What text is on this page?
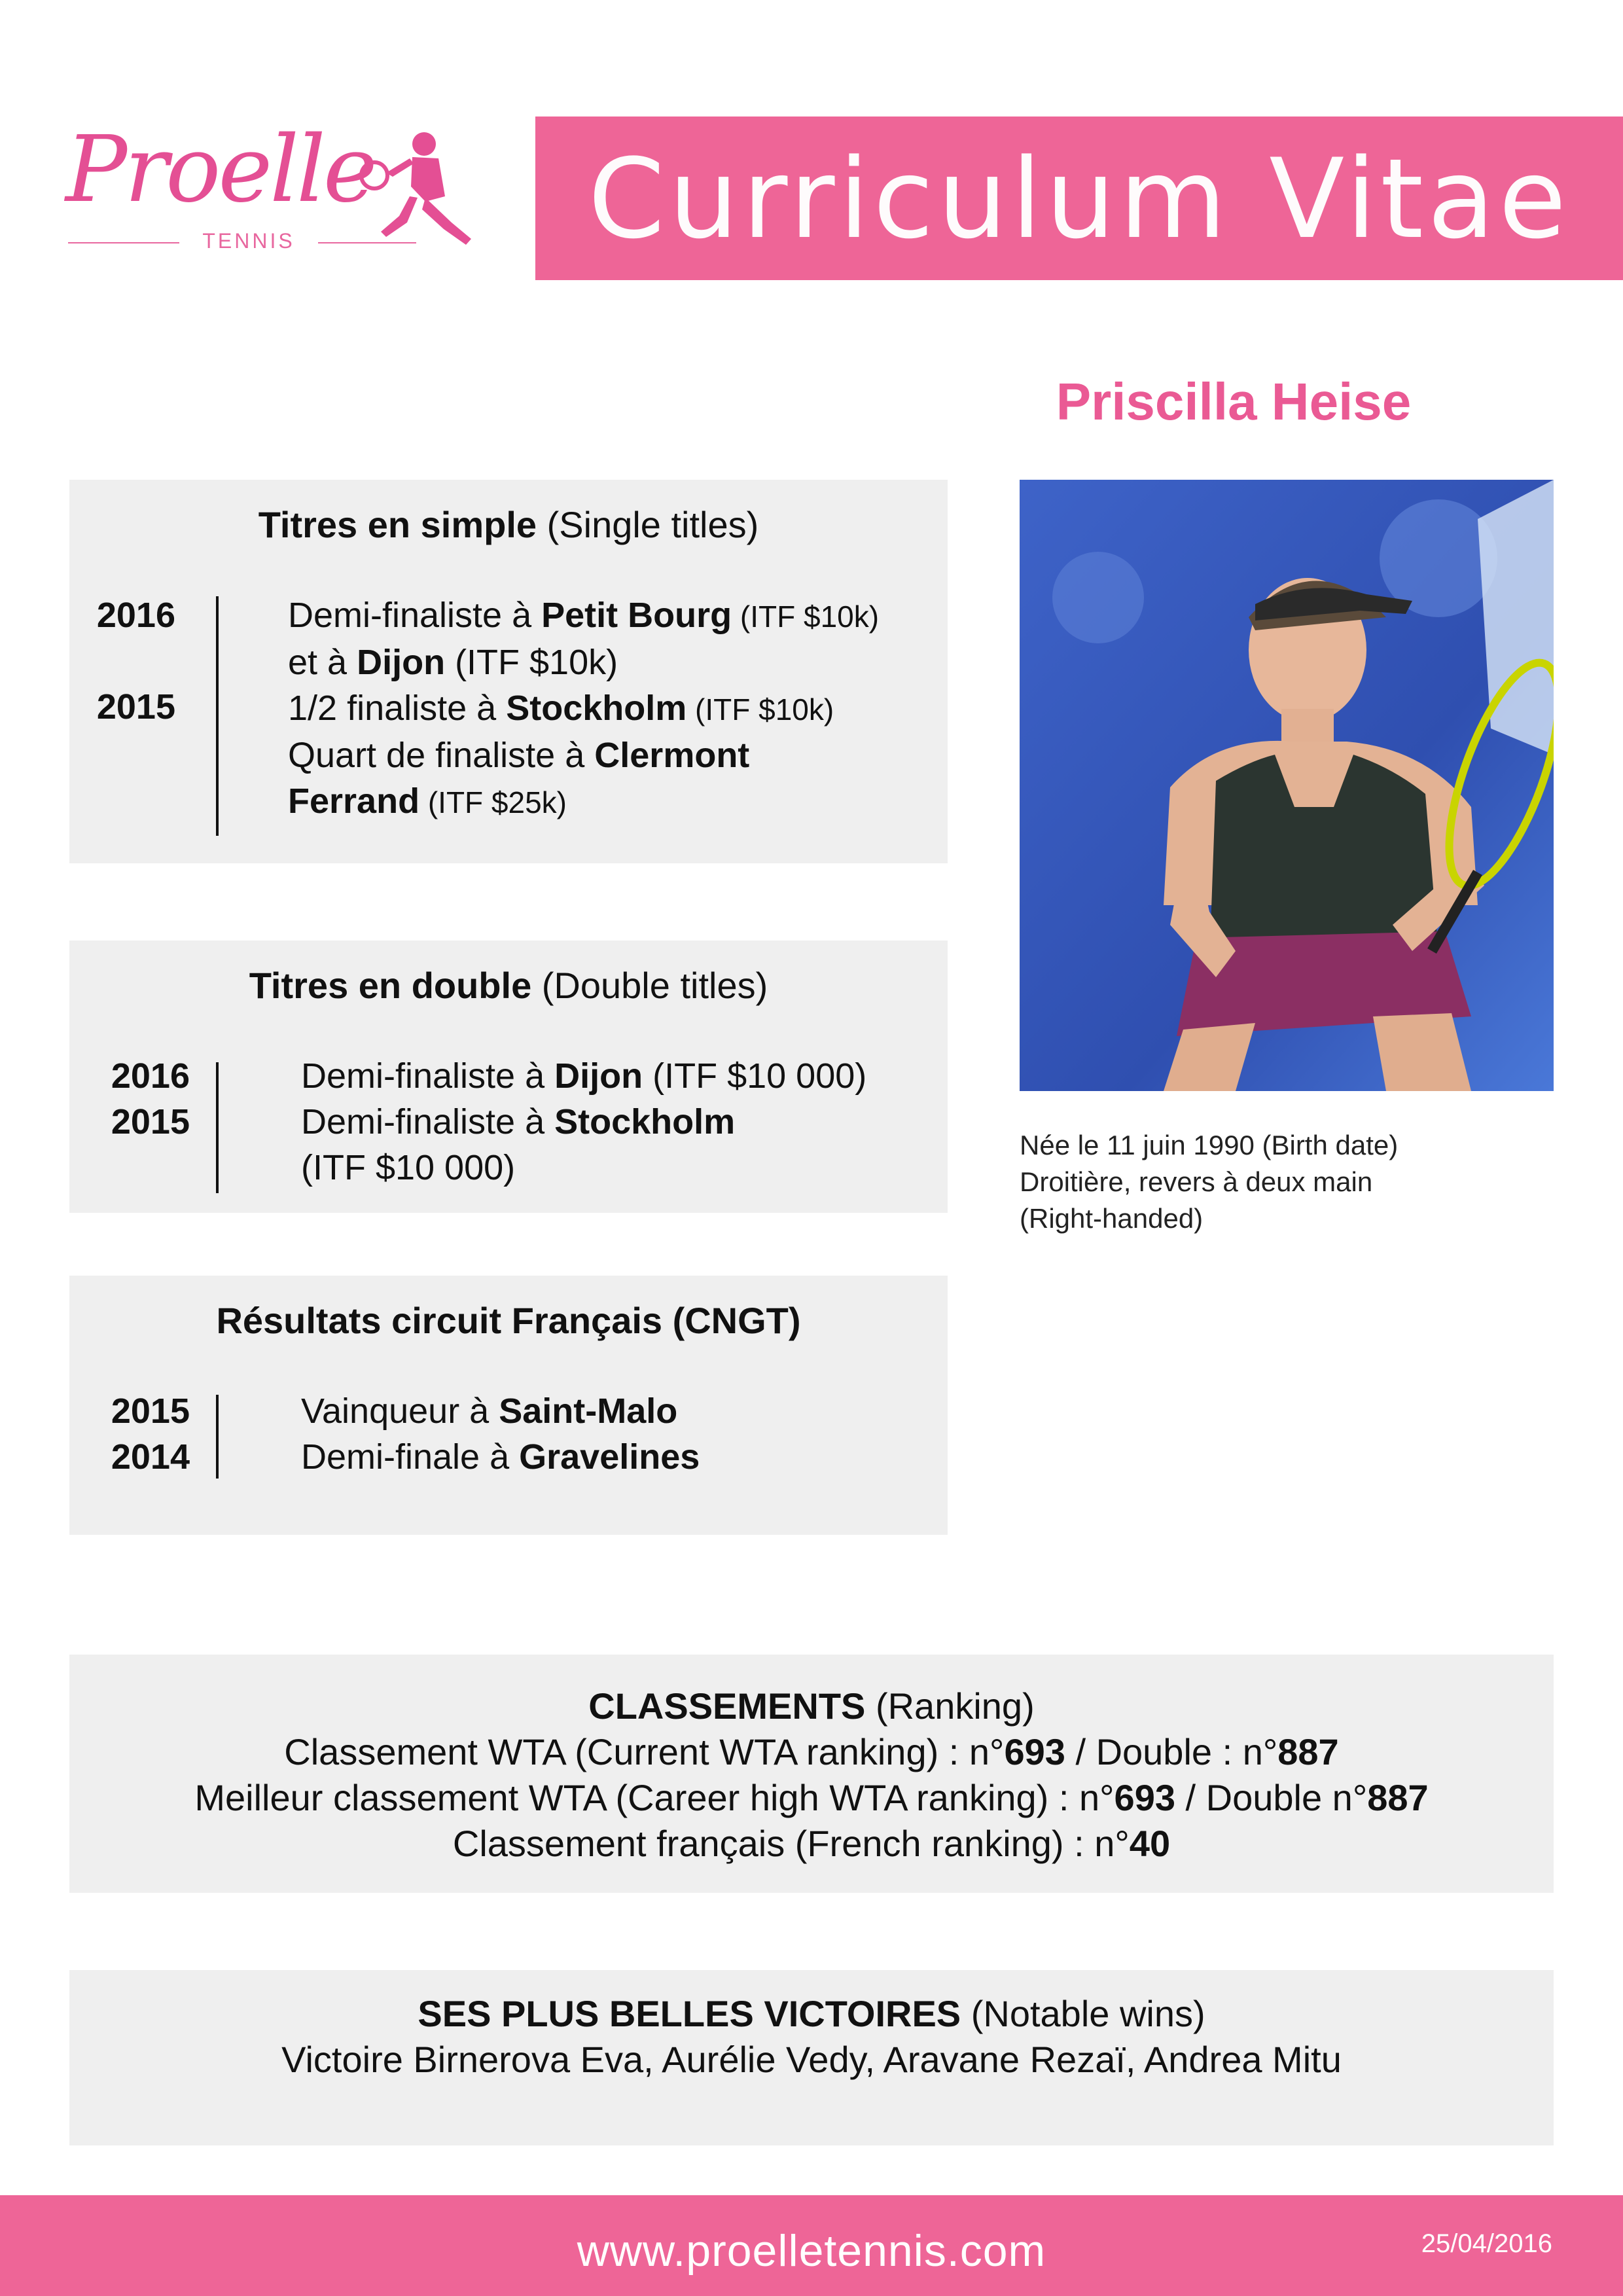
Proelle
TENNIS	Curriculum Vitae
Priscilla Heise
Née le 11 juin 1990 (Birth date)
Droitière, revers à deux main
(Right-handed)
Titres en simple (Single titles)
2016

2015
Demi-finaliste à Petit Bourg (ITF $10k)
et à Dijon (ITF $10k)
1/2 finaliste à Stockholm (ITF $10k)
Quart de finaliste à Clermont
Ferrand (ITF $25k)
Titres en double (Double titles)
2016
2015
Demi-finaliste à Dijon (ITF $10 000)
Demi-finaliste à Stockholm
(ITF $10 000)
Résultats circuit Français (CNGT)
2015
2014
Vainqueur à Saint-Malo
Demi-finale à Gravelines
CLASSEMENTS (Ranking)
Classement WTA (Current WTA ranking) : n°693 / Double : n°887
Meilleur classement WTA (Career high WTA ranking) : n°693 / Double n°887
Classement français (French ranking) : n°40
SES PLUS BELLES VICTOIRES (Notable wins)
Victoire Birnerova Eva, Aurélie Vedy, Aravane Rezaï, Andrea Mitu
www.proelletennis.com	25/04/2016
